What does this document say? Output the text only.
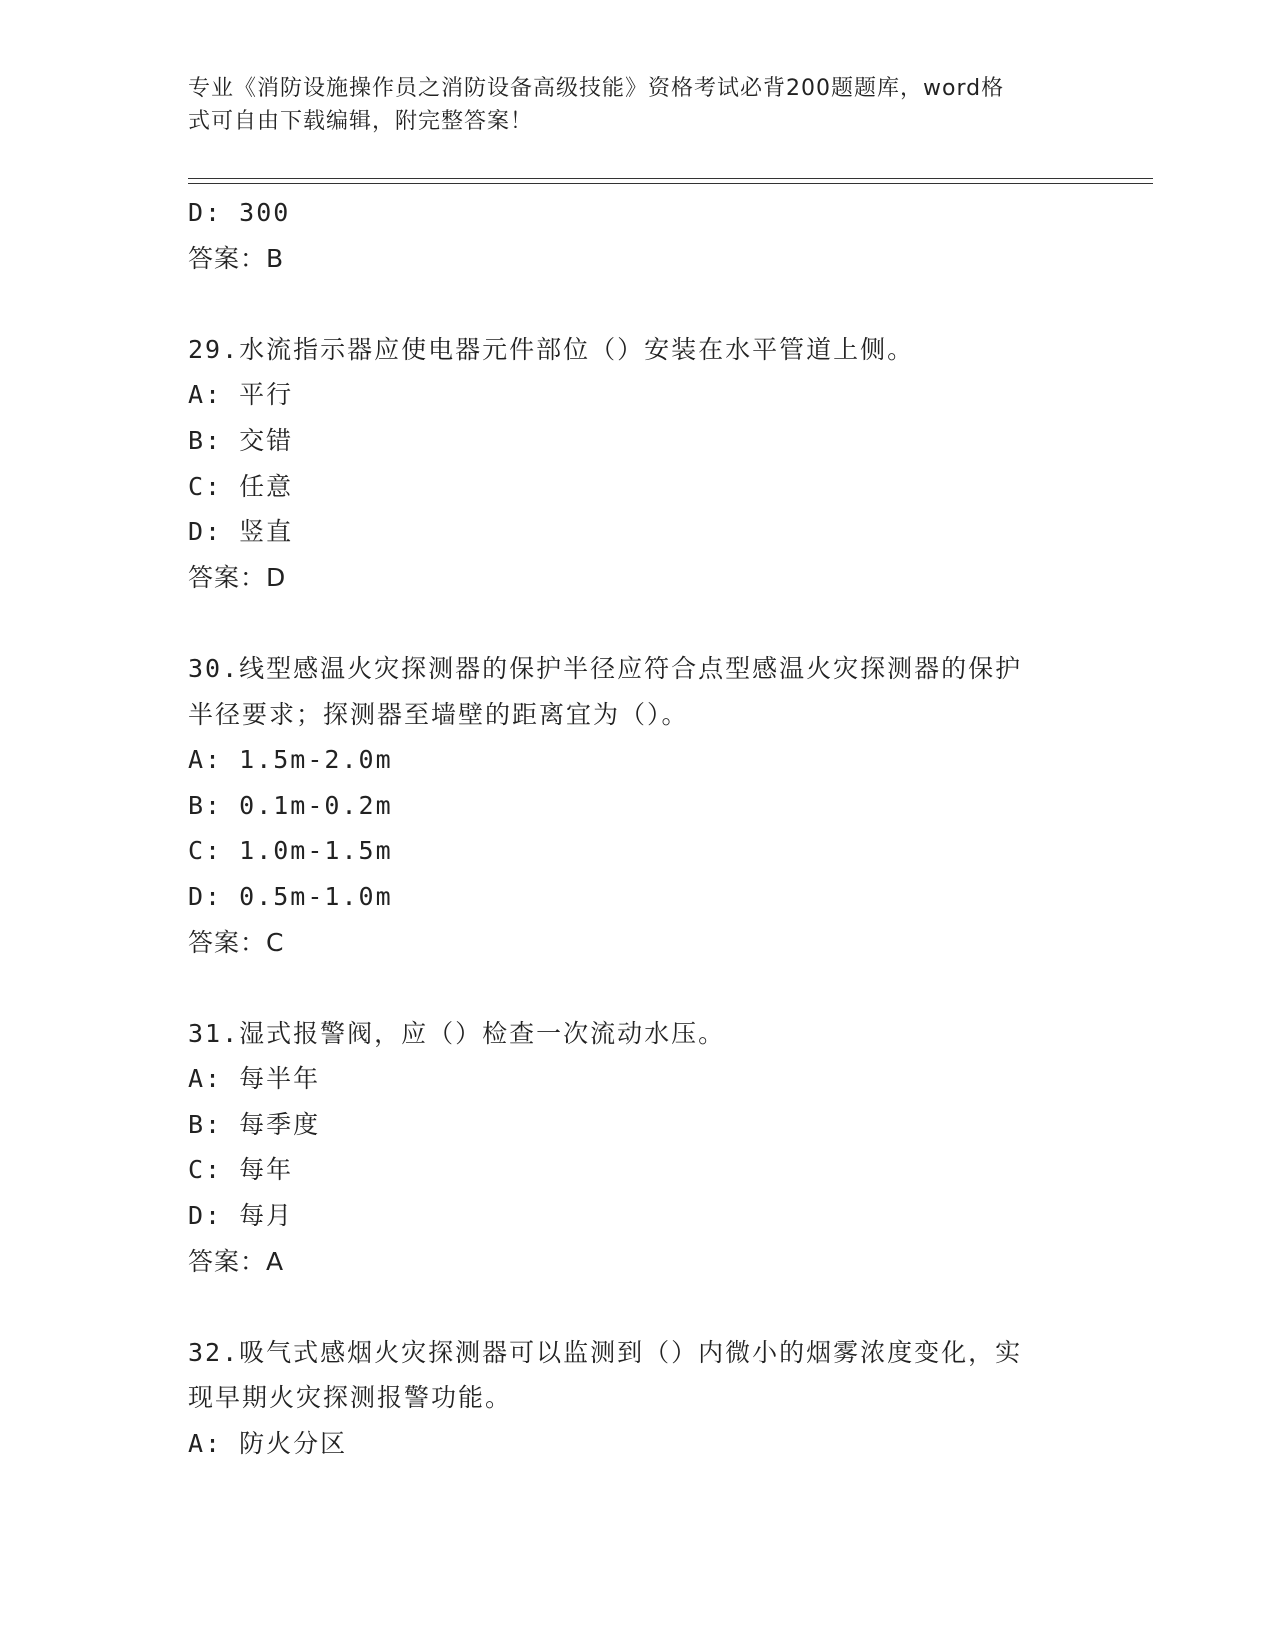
专业《消防设施操作员之消防设备高级技能》资格考试必背200题题库，word格
式可自由下载编辑，附完整答案！
D: 300
答案：B
29.水流指示器应使电器元件部位（）安装在水平管道上侧。
A: 平行
B: 交错
C: 任意
D: 竖直
答案：D
30.线型感温火灾探测器的保护半径应符合点型感温火灾探测器的保护
半径要求；探测器至墙壁的距离宜为（）。
A: 1.5m-2.0m
B: 0.1m-0.2m
C: 1.0m-1.5m
D: 0.5m-1.0m
答案：C
31.湿式报警阀，应（）检查一次流动水压。
A: 每半年
B: 每季度
C: 每年
D: 每月
答案：A
32.吸气式感烟火灾探测器可以监测到（）内微小的烟雾浓度变化，实
现早期火灾探测报警功能。
A: 防火分区
